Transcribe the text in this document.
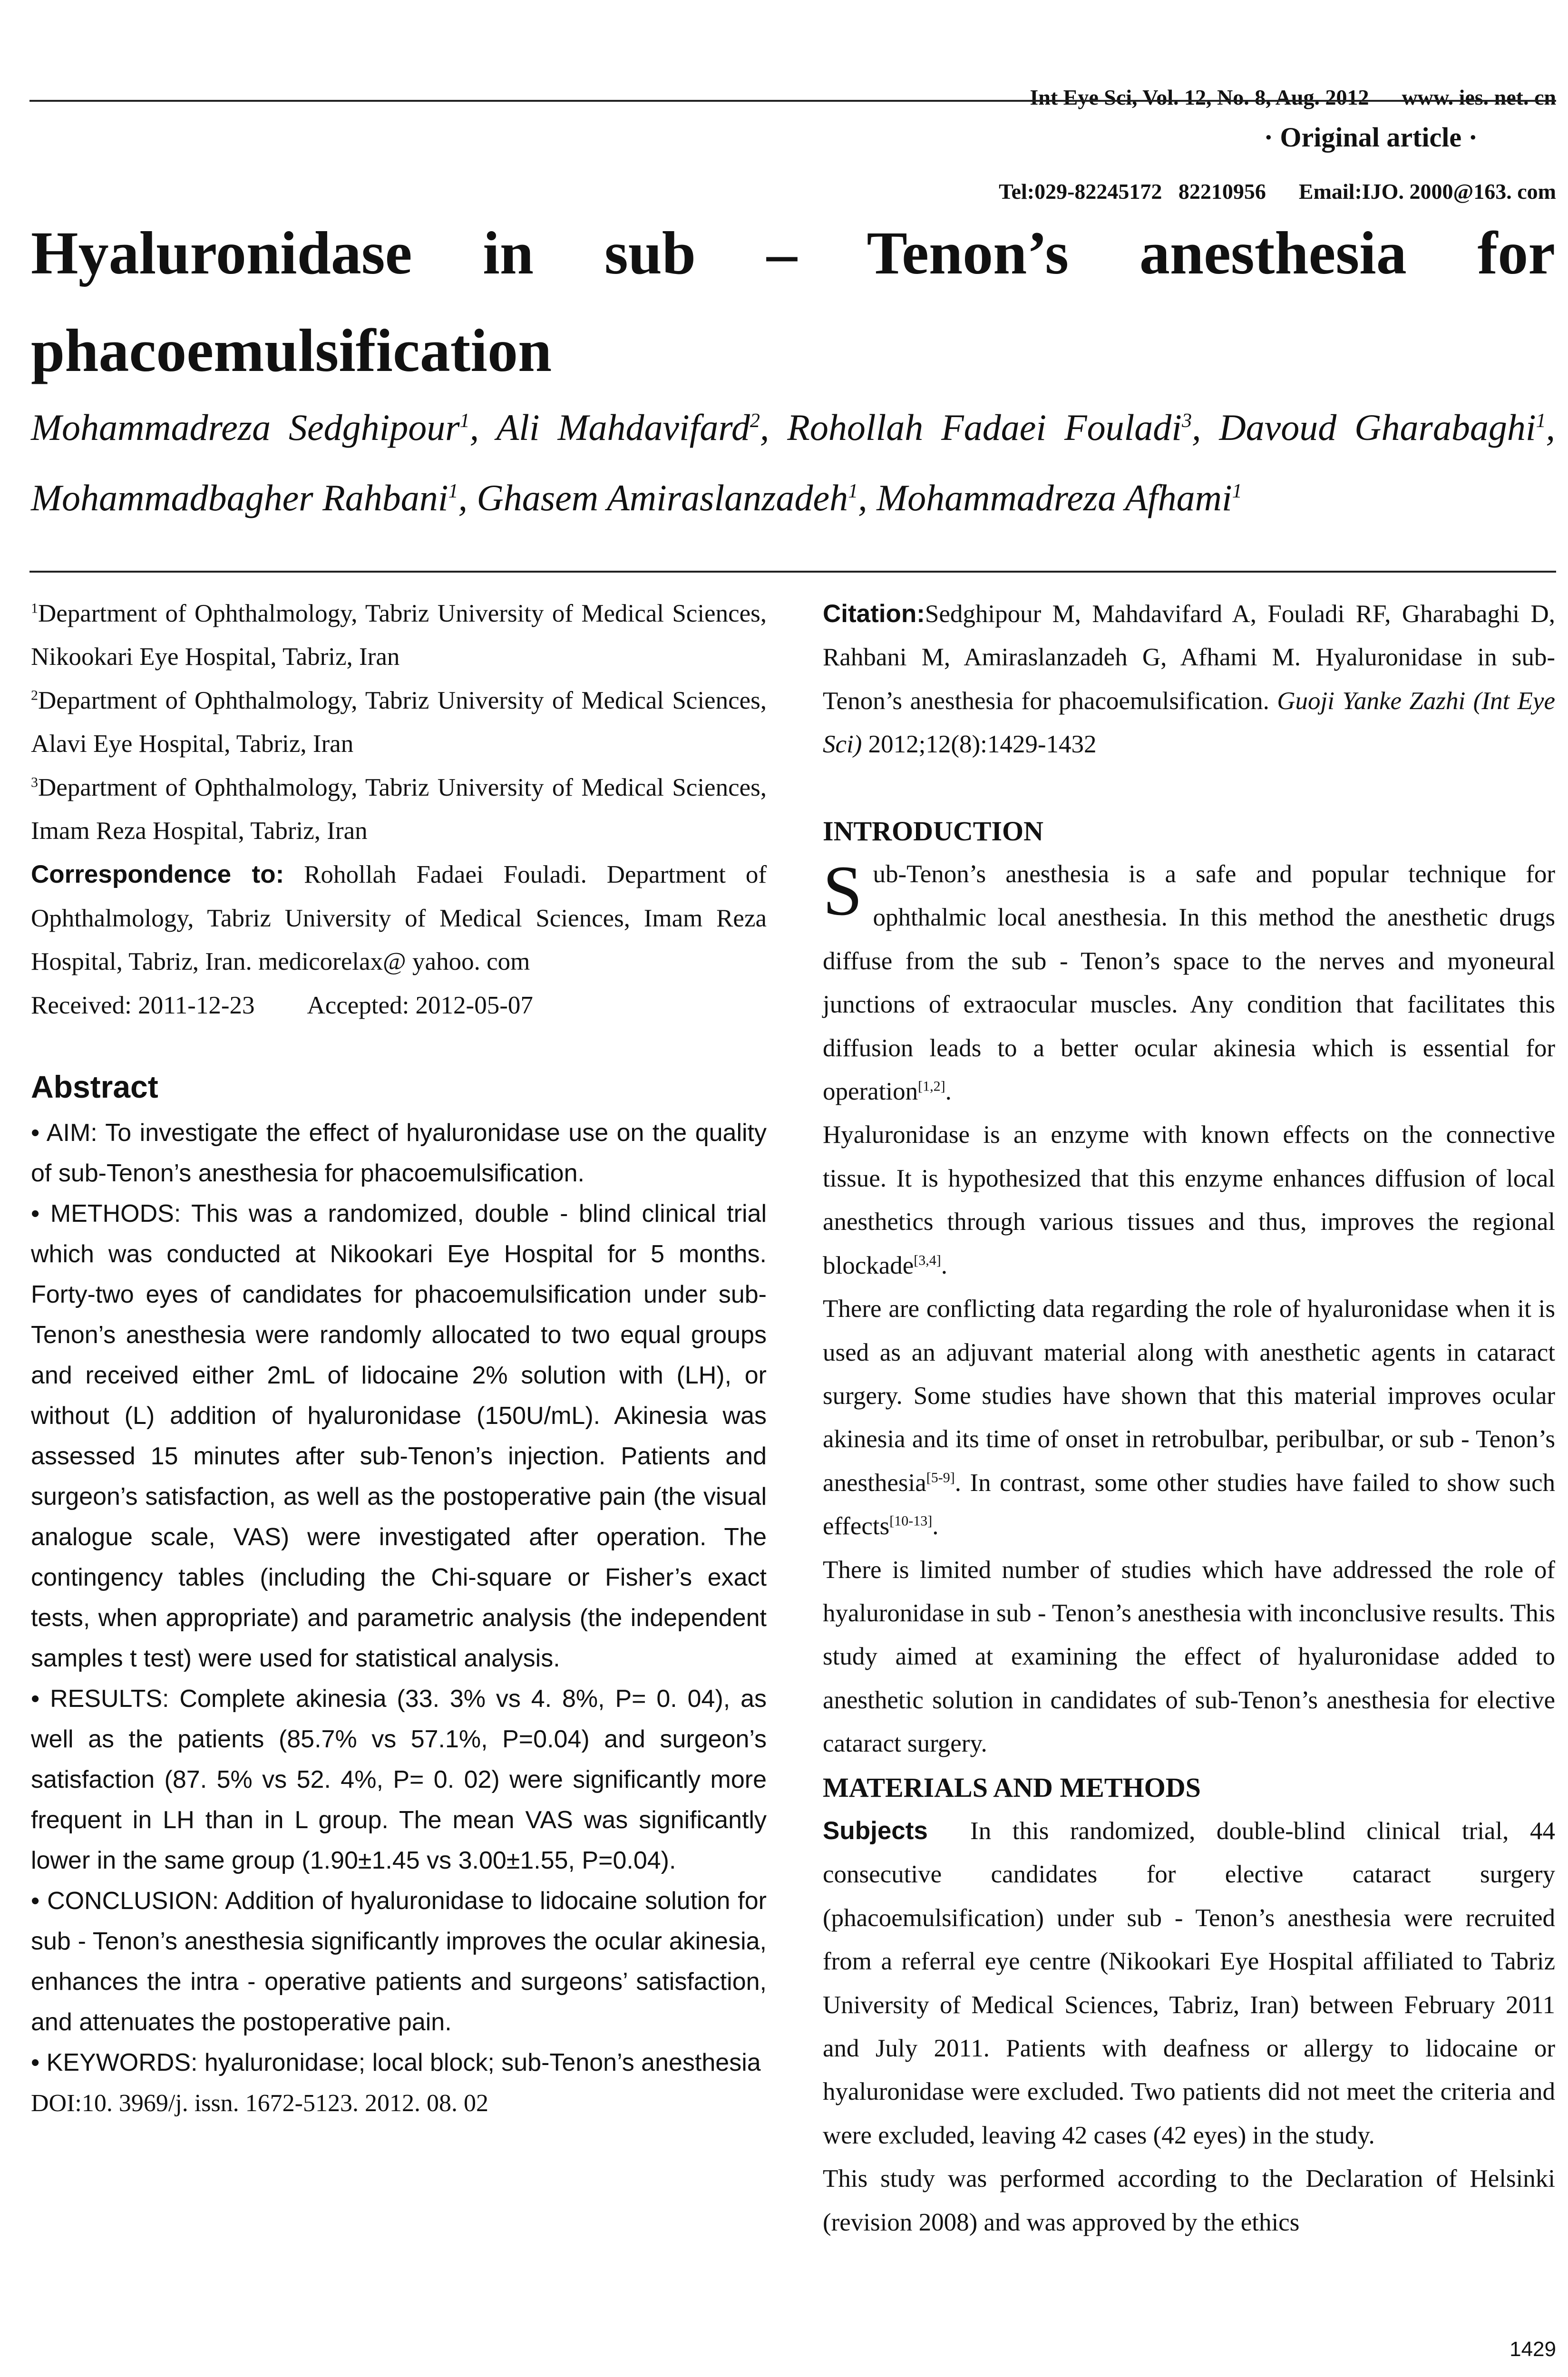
Int Eye Sci, Vol. 12, No. 8, Aug. 2012      www. ies. net. cn

Tel:029-82245172   82210956      Email:IJO. 2000@163. com

· Original article ·
Hyaluronidase in sub – Tenon’s anesthesia for phacoemulsification
Mohammadreza Sedghipour$^1$, Ali Mahdavifard$^2$, Rohollah Fadaei Fouladi$^3$, Davoud Gharabaghi$^1$, Mohammadbagher Rahbani$^1$, Ghasem Amiraslanzadeh$^1$, Mohammadreza Afhami$^1$

$^1$Department of Ophthalmology, Tabriz University of Medical Sciences, Nikookari Eye Hospital, Tabriz, Iran

$^2$Department of Ophthalmology, Tabriz University of Medical Sciences, Alavi Eye Hospital, Tabriz, Iran

$^3$Department of Ophthalmology, Tabriz University of Medical Sciences, Imam Reza Hospital, Tabriz, Iran

Correspondence to: Rohollah Fadaei Fouladi. Department of Ophthalmology, Tabriz University of Medical Sciences, Imam Reza Hospital, Tabriz, Iran. medicorelax@ yahoo. com

Received: 2011-12-23 Accepted: 2012-05-07

Abstract

• AIM: To investigate the effect of hyaluronidase use on the quality of sub-Tenon’s anesthesia for phacoemulsification.

• METHODS: This was a randomized, double - blind clinical trial which was conducted at Nikookari Eye Hospital for 5 months. Forty-two eyes of candidates for phacoemulsification under sub-Tenon’s anesthesia were randomly allocated to two equal groups and received either 2mL of lidocaine 2% solution with (LH), or without (L) addition of hyaluronidase (150U/mL). Akinesia was assessed 15 minutes after sub-Tenon’s injection. Patients and surgeon’s satisfaction, as well as the postoperative pain (the visual analogue scale, VAS) were investigated after operation. The contingency tables (including the Chi-square or Fisher’s exact tests, when appropriate) and parametric analysis (the independent samples t test) were used for statistical analysis.

• RESULTS: Complete akinesia (33. 3% vs 4. 8%, P= 0. 04), as well as the patients (85.7% vs 57.1%, P=0.04) and surgeon’s satisfaction (87. 5% vs 52. 4%, P= 0. 02) were significantly more frequent in LH than in L group. The mean VAS was significantly lower in the same group (1.90±1.45 vs 3.00±1.55, P=0.04).

• CONCLUSION: Addition of hyaluronidase to lidocaine solution for sub - Tenon’s anesthesia significantly improves the ocular akinesia, enhances the intra - operative patients and surgeons’ satisfaction, and attenuates the postoperative pain.

• KEYWORDS: hyaluronidase; local block; sub-Tenon’s anesthesia

DOI:10. 3969/j. issn. 1672-5123. 2012. 08. 02

Citation:Sedghipour M, Mahdavifard A, Fouladi RF, Gharabaghi D, Rahbani M, Amiraslanzadeh G, Afhami M. Hyaluronidase in sub-Tenon’s anesthesia for phacoemulsification. Guoji Yanke Zazhi (Int Eye Sci) 2012;12(8):1429-1432

INTRODUCTION

Sub-Tenon’s anesthesia is a safe and popular technique for ophthalmic local anesthesia. In this method the anesthetic drugs diffuse from the sub - Tenon’s space to the nerves and myoneural junctions of extraocular muscles. Any condition that facilitates this diffusion leads to a better ocular akinesia which is essential for operation[1,2].

Hyaluronidase is an enzyme with known effects on the connective tissue. It is hypothesized that this enzyme enhances diffusion of local anesthetics through various tissues and thus, improves the regional blockade[3,4].

There are conflicting data regarding the role of hyaluronidase when it is used as an adjuvant material along with anesthetic agents in cataract surgery. Some studies have shown that this material improves ocular akinesia and its time of onset in retrobulbar, peribulbar, or sub - Tenon’s anesthesia[5-9]. In contrast, some other studies have failed to show such effects[10-13].

There is limited number of studies which have addressed the role of hyaluronidase in sub - Tenon’s anesthesia with inconclusive results. This study aimed at examining the effect of hyaluronidase added to anesthetic solution in candidates of sub-Tenon’s anesthesia for elective cataract surgery.

MATERIALS AND METHODS

Subjects In this randomized, double-blind clinical trial, 44 consecutive candidates for elective cataract surgery (phacoemulsification) under sub - Tenon’s anesthesia were recruited from a referral eye centre (Nikookari Eye Hospital affiliated to Tabriz University of Medical Sciences, Tabriz, Iran) between February 2011 and July 2011. Patients with deafness or allergy to lidocaine or hyaluronidase were excluded. Two patients did not meet the criteria and were excluded, leaving 42 cases (42 eyes) in the study.

This study was performed according to the Declaration of Helsinki (revision 2008) and was approved by the ethics

1429
